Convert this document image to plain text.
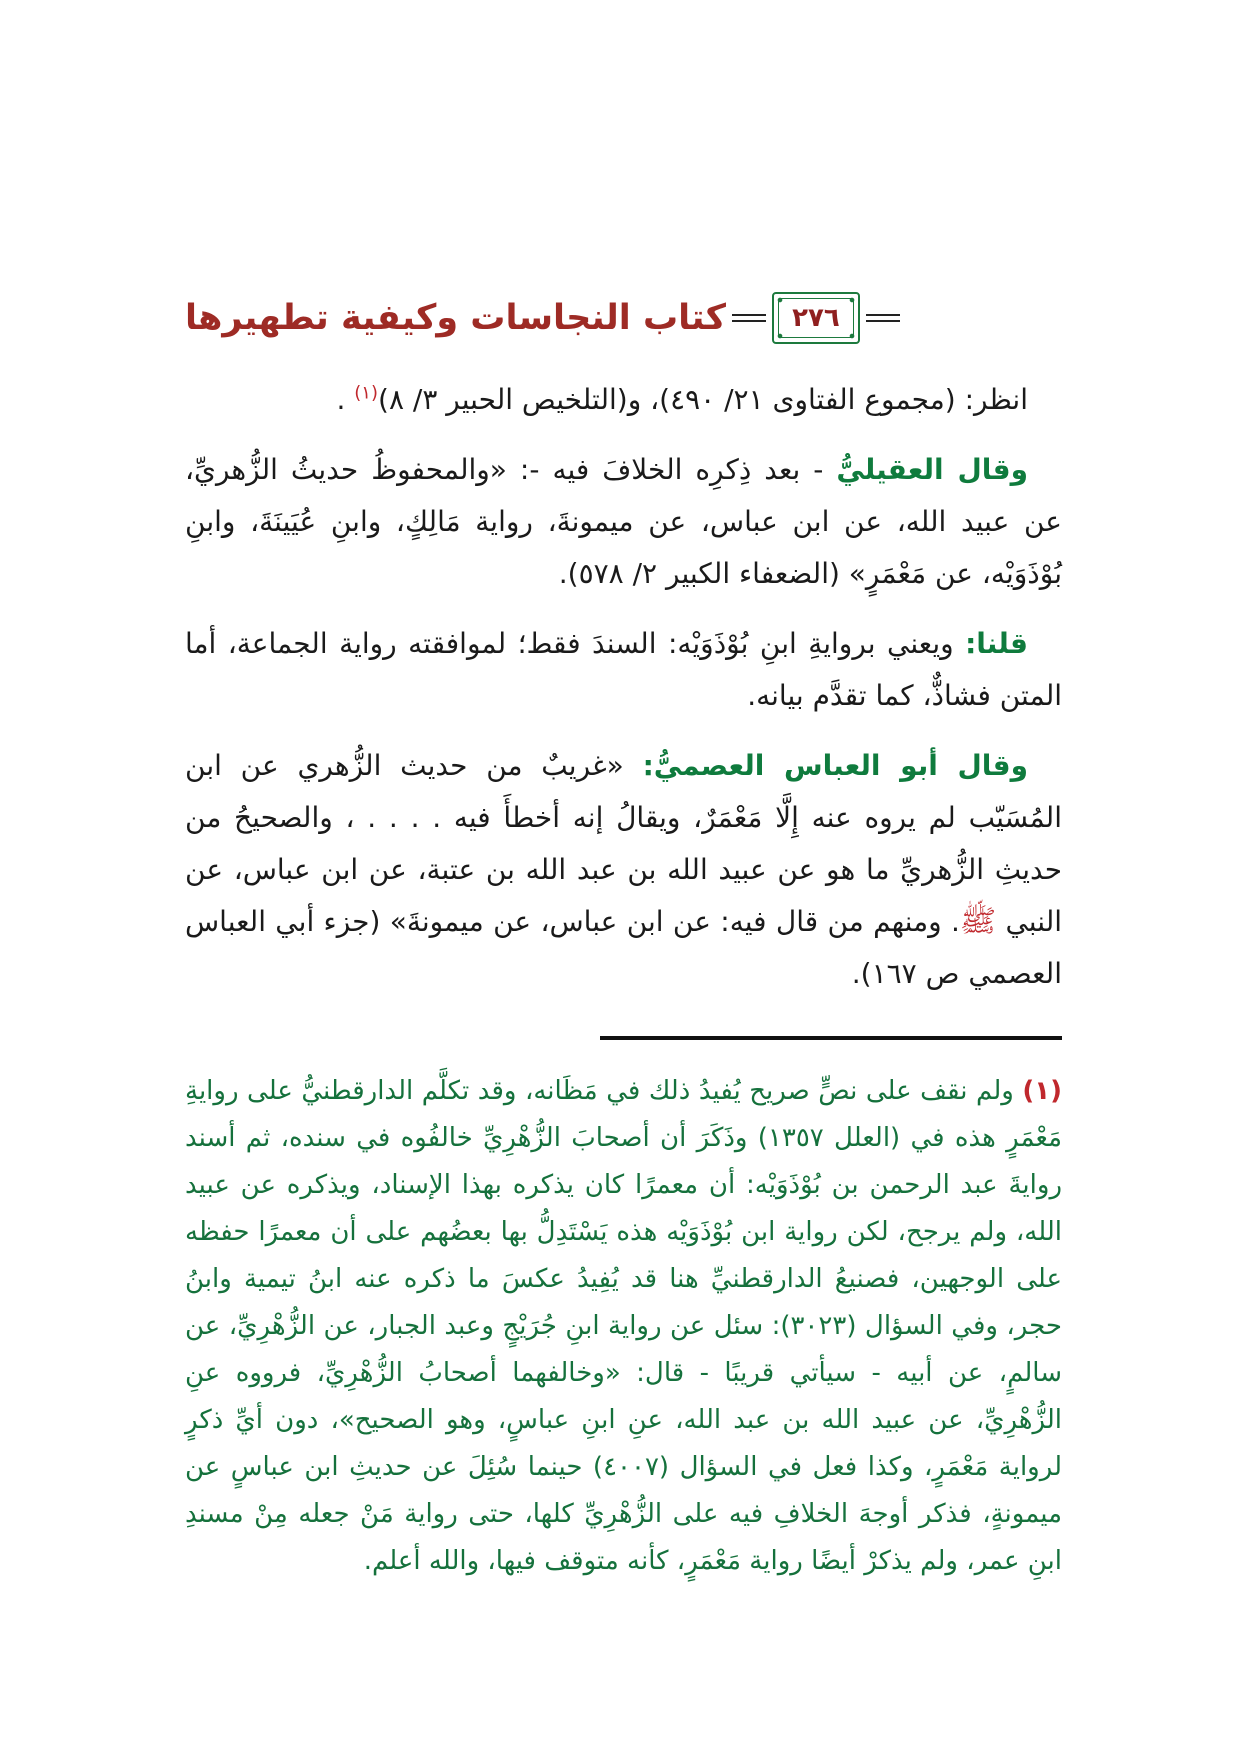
كتاب النجاسات وكيفية تطهيرها	٢٧٦

انظر: (مجموع الفتاوى ٢١/ ٤٩٠)، و(التلخيص الحبير ٣/ ٨)$^{(١)}$ .

وقال العقيليُّ - بعد ذِكرِه الخلافَ فيه -: «والمحفوظُ حديثُ الزُّهريِّ، عن عبيد الله، عن ابن عباس، عن ميمونةَ، رواية مَالِكٍ، وابنِ عُيَينَةَ، وابنِ بُوْذَوَيْه، عن مَعْمَرٍ» (الضعفاء الكبير ٢/ ٥٧٨).

قلنا: ويعني بروايةِ ابنِ بُوْذَوَيْه: السندَ فقط؛ لموافقته رواية الجماعة، أما المتن فشاذٌّ، كما تقدَّم بيانه.

وقال أبو العباس العصميُّ: «غريبٌ من حديث الزُّهري عن ابن المُسَيّب لم يروه عنه إِلَّا مَعْمَرٌ، ويقالُ إنه أخطأَ فيه . . . . ، والصحيحُ من حديثِ الزُّهريِّ ما هو عن عبيد الله بن عبد الله بن عتبة، عن ابن عباس، عن النبي ﷺ. ومنهم من قال فيه: عن ابن عباس، عن ميمونةَ» (جزء أبي العباس العصمي ص ١٦٧).

(١) ولم نقف على نصٍّ صريح يُفيدُ ذلك في مَظَانه، وقد تكلَّم الدارقطنيُّ على روايةِ مَعْمَرٍ هذه في (العلل ١٣٥٧) وذَكَرَ أن أصحابَ الزُّهْرِيِّ خالفُوه في سنده، ثم أسند روايةَ عبد الرحمن بن بُوْذَوَيْه: أن معمرًا كان يذكره بهذا الإسناد، ويذكره عن عبيد الله، ولم يرجح، لكن رواية ابن بُوْذَوَيْه هذه يَسْتَدِلُّ بها بعضُهم على أن معمرًا حفظه على الوجهين، فصنيعُ الدارقطنيِّ هنا قد يُفِيدُ عكسَ ما ذكره عنه ابنُ تيمية وابنُ حجر، وفي السؤال (٣٠٢٣): سئل عن رواية ابنِ جُرَيْجٍ وعبد الجبار، عن الزُّهْرِيِّ، عن سالمٍ، عن أبيه - سيأتي قريبًا - قال: «وخالفهما أصحابُ الزُّهْرِيِّ، فرووه عنِ الزُّهْرِيِّ، عن عبيد الله بن عبد الله، عنِ ابنِ عباسٍ، وهو الصحيح»، دون أيِّ ذكرٍ لرواية مَعْمَرٍ، وكذا فعل في السؤال (٤٠٠٧) حينما سُئِلَ عن حديثِ ابن عباسٍ عن ميمونةٍ، فذكر أوجهَ الخلافِ فيه على الزُّهْرِيِّ كلها، حتى رواية مَنْ جعله مِنْ مسندِ ابنِ عمر، ولم يذكرْ أيضًا رواية مَعْمَرٍ، كأنه متوقف فيها، والله أعلم.
